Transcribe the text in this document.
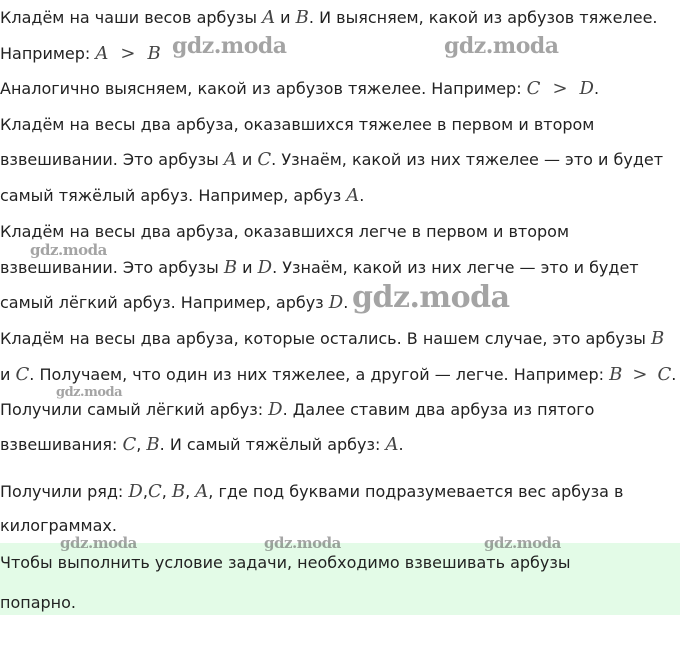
Кладём на чаши весов арбузы A и B. И выясняем, какой из арбузов тяжелее.
Например: A > B
Аналогично выясняем, какой из арбузов тяжелее. Например: C > D.
Кладём на весы два арбуза, оказавшихся тяжелее в первом и втором
взвешивании. Это арбузы A и C. Узнаём, какой из них тяжелее — это и будет
самый тяжёлый арбуз. Например, арбуз A.
Кладём на весы два арбуза, оказавшихся легче в первом и втором
взвешивании. Это арбузы B и D. Узнаём, какой из них легче — это и будет
самый лёгкий арбуз. Например, арбуз D.
Кладём на весы два арбуза, которые остались. В нашем случае, это арбузы B
и C. Получаем, что один из них тяжелее, а другой — легче. Например: B > C.
Получили самый лёгкий арбуз: D. Далее ставим два арбуза из пятого
взвешивания: C, B. И самый тяжёлый арбуз: A.
Получили ряд: D,C, B, A, где под буквами подразумевается вес арбуза в
килограммах.
Чтобы выполнить условие задачи, необходимо взвешивать арбузы
попарно.
gdz.moda	gdz.moda
gdz.moda
gdz.moda
gdz.moda
gdz.moda	gdz.moda	gdz.moda
